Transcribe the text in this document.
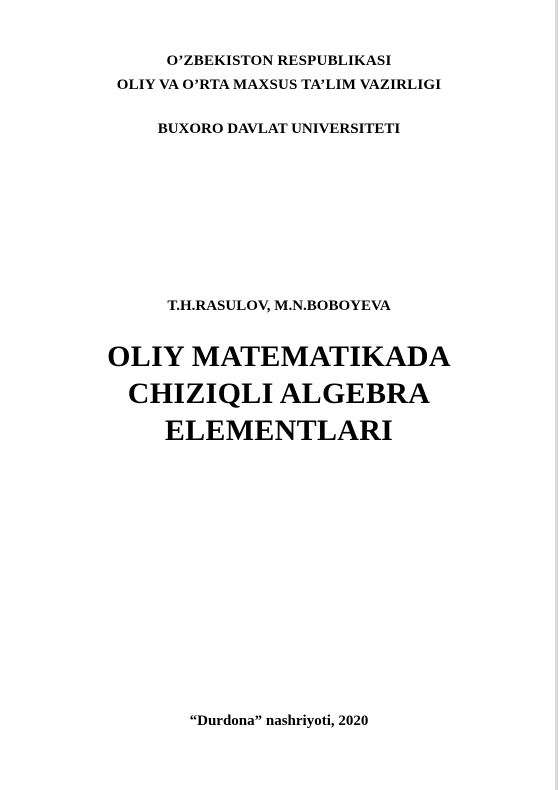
O’ZBEKISTON RESPUBLIKASI
OLIY VA O’RTA MAXSUS TA’LIM VAZIRLIGI
BUXORO DAVLAT UNIVERSITETI
T.H.RASULOV, M.N.BOBOYEVA
OLIY MATEMATIKADA
CHIZIQLI ALGEBRA
ELEMENTLARI
“Durdona” nashriyoti, 2020
